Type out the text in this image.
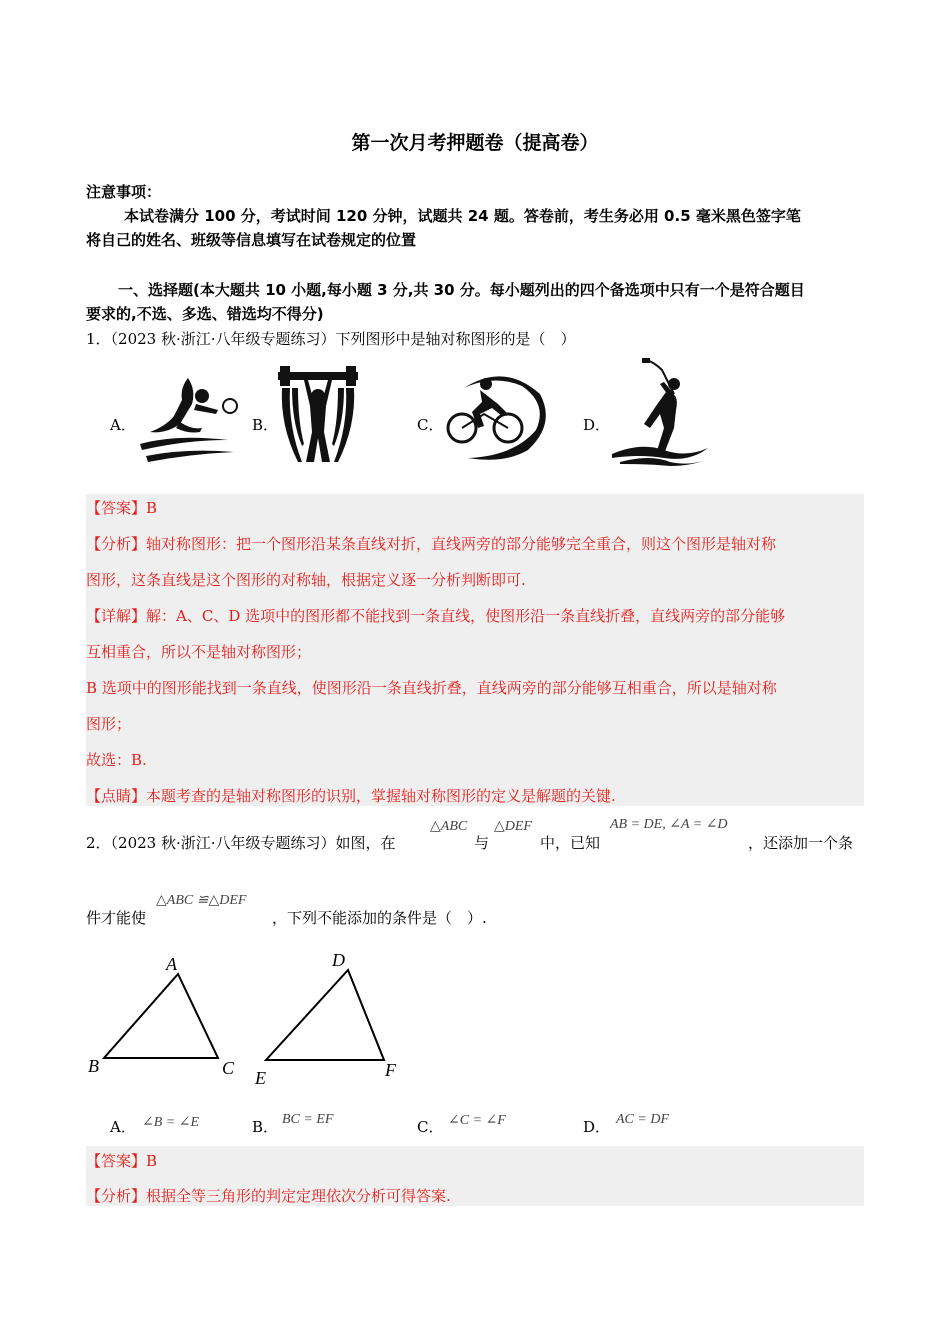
第一次月考押题卷（提高卷）
注意事项：
本试卷满分 100 分，考试时间 120 分钟，试题共 24 题。答卷前，考生务必用 0.5 毫米黑色签字笔
将自己的姓名、班级等信息填写在试卷规定的位置
一、选择题(本大题共 10 小题,每小题 3 分,共 30 分。每小题列出的四个备选项中只有一个是符合题目
要求的,不选、多选、错选均不得分)
1．（2023 秋·浙江·八年级专题练习）下列图形中是轴对称图形的是（　）
A．	B．	C．	D．
【答案】B
【分析】轴对称图形：把一个图形沿某条直线对折，直线两旁的部分能够完全重合，则这个图形是轴对称
图形，这条直线是这个图形的对称轴，根据定义逐一分析判断即可.
【详解】解：A、C、D 选项中的图形都不能找到一条直线，使图形沿一条直线折叠，直线两旁的部分能够
互相重合，所以不是轴对称图形；
B 选项中的图形能找到一条直线，使图形沿一条直线折叠，直线两旁的部分能够互相重合，所以是轴对称
图形；
故选：B.
【点睛】本题考查的是轴对称图形的识别，掌握轴对称图形的定义是解题的关键.
2．（2023 秋·浙江·八年级专题练习）如图，在
△ABC
与
△DEF
中，已知
AB = DE, ∠A = ∠D
，还添加一个条
件才能使
△ABC ≌△DEF
，下列不能添加的条件是（　）.
A
B	C
D
E	F
A． ∠B = ∠E	B． BC = EF	C． ∠C = ∠F	D． AC = DF
【答案】B
【分析】根据全等三角形的判定定理依次分析可得答案.
